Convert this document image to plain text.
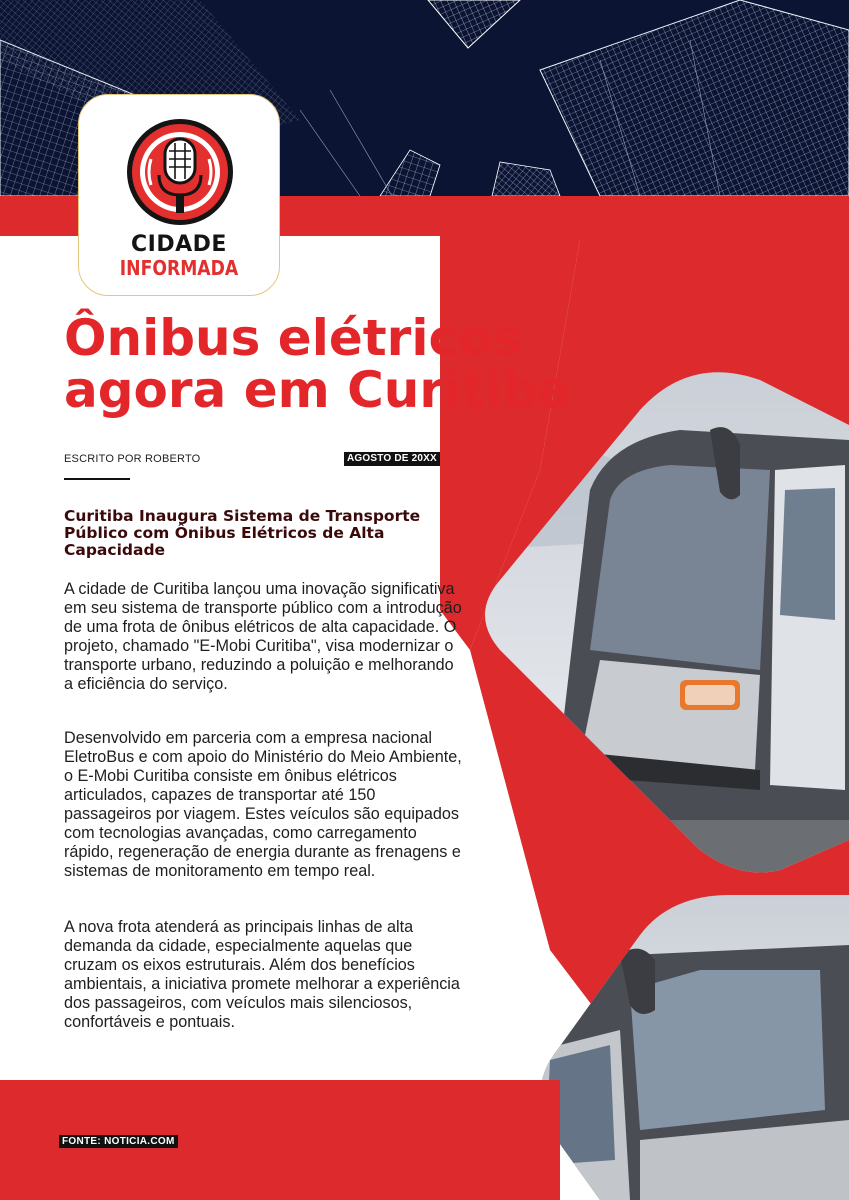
CIDADE
INFORMADA
Ônibus elétricos
agora em Curitiba
ESCRITO POR ROBERTO	AGOSTO DE 20XX
Curitiba Inaugura Sistema de Transporte Público com Ônibus Elétricos de Alta Capacidade

A cidade de Curitiba lançou uma inovação significativa em seu sistema de transporte público com a introdução de uma frota de ônibus elétricos de alta capacidade. O projeto, chamado "E-Mobi Curitiba", visa modernizar o transporte urbano, reduzindo a poluição e melhorando a eficiência do serviço.

Desenvolvido em parceria com a empresa nacional EletroBus e com apoio do Ministério do Meio Ambiente, o E-Mobi Curitiba consiste em ônibus elétricos articulados, capazes de transportar até 150 passageiros por viagem. Estes veículos são equipados com tecnologias avançadas, como carregamento rápido, regeneração de energia durante as frenagens e sistemas de monitoramento em tempo real.

A nova frota atenderá as principais linhas de alta demanda da cidade, especialmente aquelas que cruzam os eixos estruturais. Além dos benefícios ambientais, a iniciativa promete melhorar a experiência dos passageiros, com veículos mais silenciosos, confortáveis e pontuais.

FONTE: NOTICIA.COM
